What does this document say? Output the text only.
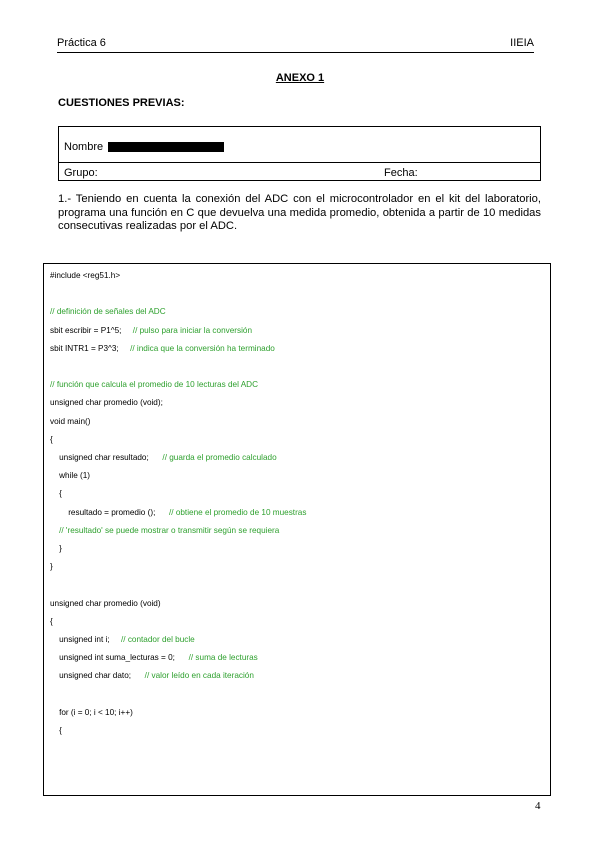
Práctica 6	IIEIA
ANEXO 1
CUESTIONES PREVIAS:
Nombre
Grupo:	Fecha:
1.- Teniendo en cuenta la conexión del ADC con el microcontrolador en el kit del laboratorio, programa una función en C que devuelva una medida promedio, obtenida a partir de 10 medidas consecutivas realizadas por el ADC.
#include <reg51.h>
// definición de señales del ADC
sbit escribir = P1^5;     // pulso para iniciar la conversión
sbit INTR1 = P3^3;     // indica que la conversión ha terminado
// función que calcula el promedio de 10 lecturas del ADC
unsigned char promedio (void);
void main()
{
unsigned char resultado;      // guarda el promedio calculado
while (1)
{
resultado = promedio ();      // obtiene el promedio de 10 muestras
// 'resultado' se puede mostrar o transmitir según se requiera
}
}
unsigned char promedio (void)
{
unsigned int i;     // contador del bucle
unsigned int suma_lecturas = 0;      // suma de lecturas
unsigned char dato;      // valor leído en cada iteración
for (i = 0; i < 10; i++)
{
4
